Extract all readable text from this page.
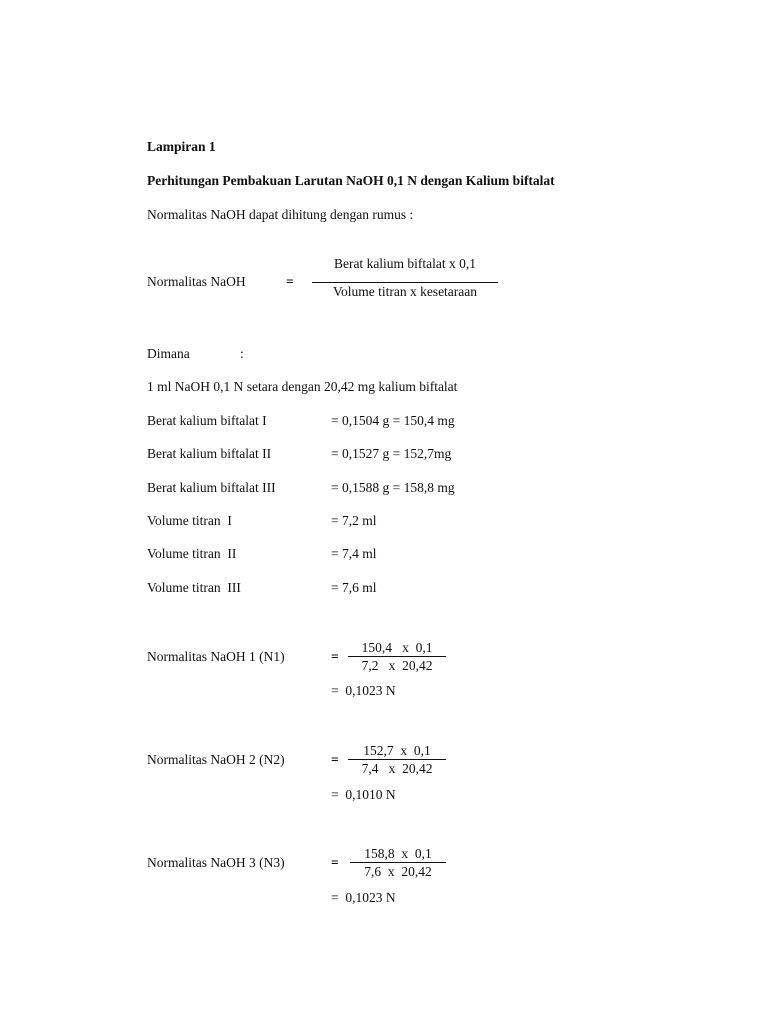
Lampiran 1
Perhitungan Pembakuan Larutan NaOH 0,1 N dengan Kalium biftalat
Normalitas NaOH dapat dihitung dengan rumus :
Berat kalium biftalat x 0,1
Normalitas NaOH	=
Volume titran x kesetaraan
Dimana	:
1 ml NaOH 0,1 N setara dengan 20,42 mg kalium biftalat
Berat kalium biftalat I	= 0,1504 g = 150,4 mg
Berat kalium biftalat II	= 0,1527 g = 152,7mg
Berat kalium biftalat III	= 0,1588 g = 158,8 mg
Volume titran  I	= 7,2 ml
Volume titran  II	= 7,4 ml
Volume titran  III	= 7,6 ml
150,4   x  0,1
Normalitas NaOH 1 (N1)	=
7,2   x  20,42
=  0,1023 N
152,7  x  0,1
Normalitas NaOH 2 (N2)	=
7,4   x  20,42
=  0,1010 N
158,8  x  0,1
Normalitas NaOH 3 (N3)	=
7,6  x  20,42
=  0,1023 N
